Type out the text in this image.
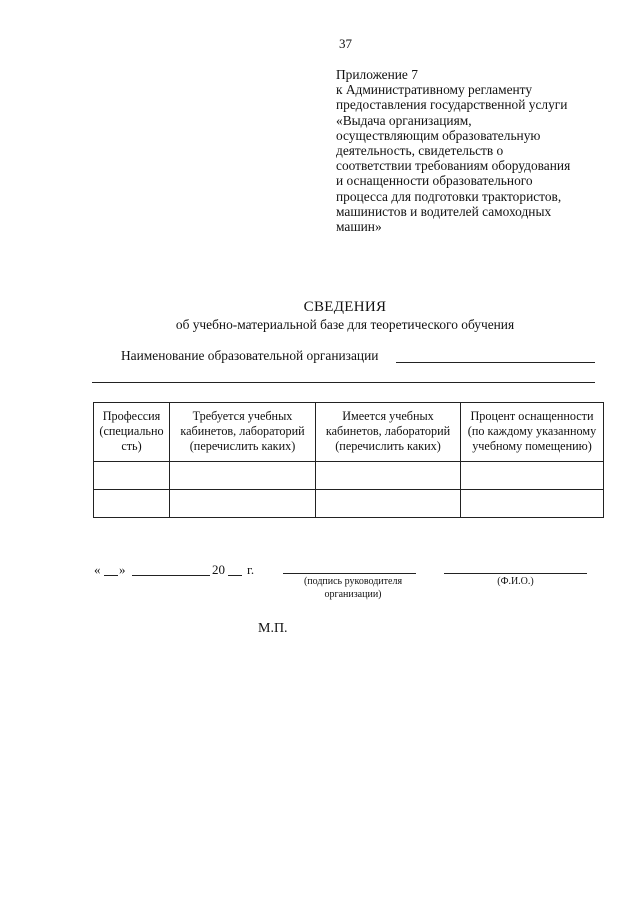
37
Приложение 7
к Административному регламенту
предоставления государственной услуги
«Выдача организациям,
осуществляющим образовательную
деятельность, свидетельств о
соответствии требованиям оборудования
и оснащенности образовательного
процесса для подготовки трактористов,
машинистов и водителей самоходных
машин»
СВЕДЕНИЯ
об учебно-материальной базе для теоретического обучения
Наименование образовательной организации
Профессия (специально сть)	Требуется учебных кабинетов, лабораторий (перечислить каких)	Имеется учебных кабинетов, лабораторий (перечислить каких)	Процент оснащенности (по каждому указанному учебному помещению)

« »	20 г.
(подпись руководителя
организации)
(Ф.И.О.)
М.П.
